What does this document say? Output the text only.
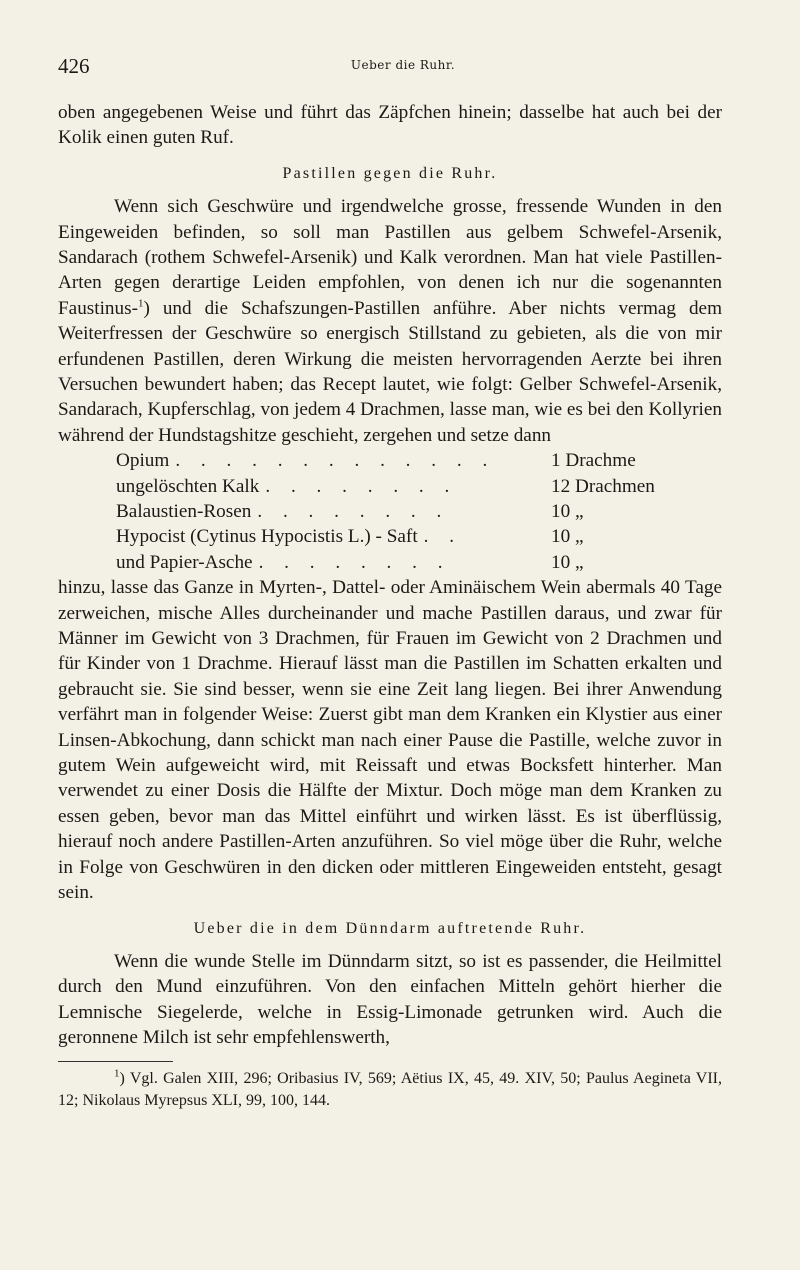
426	Ueber die Ruhr.

oben angegebenen Weise und führt das Zäpfchen hinein; dasselbe hat auch bei der Kolik einen guten Ruf.

Pastillen gegen die Ruhr.

Wenn sich Geschwüre und irgendwelche grosse, fressende Wunden in den Eingeweiden befinden, so soll man Pastillen aus gelbem Schwefel-Arsenik, Sandarach (rothem Schwefel-Arsenik) und Kalk verordnen. Man hat viele Pastillen-Arten gegen derartige Leiden empfohlen, von denen ich nur die sogenannten Faustinus-$^1$) und die Schafszungen-Pastillen anführe. Aber nichts vermag dem Weiterfressen der Geschwüre so energisch Stillstand zu gebieten, als die von mir erfundenen Pastillen, deren Wirkung die meisten hervorragenden Aerzte bei ihren Versuchen bewundert haben; das Recept lautet, wie folgt: Gelber Schwefel-Arsenik, Sandarach, Kupferschlag, von jedem 4 Drachmen, lasse man, wie es bei den Kollyrien während der Hundstagshitze geschieht, zergehen und setze dann

Opium . . . . . . . . . . . . .	1 Drachme
ungelöschten Kalk . . . . . . . .	12 Drachmen
Balaustien-Rosen . . . . . . . .	10 „
Hypocist (Cytinus Hypocistis L.) - Saft . .	10 „
und Papier-Asche . . . . . . . .	10 „

hinzu, lasse das Ganze in Myrten-, Dattel- oder Aminäischem Wein abermals 40 Tage zerweichen, mische Alles durcheinander und mache Pastillen daraus, und zwar für Männer im Gewicht von 3 Drachmen, für Frauen im Gewicht von 2 Drachmen und für Kinder von 1 Drachme. Hierauf lässt man die Pastillen im Schatten erkalten und gebraucht sie. Sie sind besser, wenn sie eine Zeit lang liegen. Bei ihrer Anwendung verfährt man in folgender Weise: Zuerst gibt man dem Kranken ein Klystier aus einer Linsen-Abkochung, dann schickt man nach einer Pause die Pastille, welche zuvor in gutem Wein aufgeweicht wird, mit Reissaft und etwas Bocksfett hinterher. Man verwendet zu einer Dosis die Hälfte der Mixtur. Doch möge man dem Kranken zu essen geben, bevor man das Mittel einführt und wirken lässt. Es ist überflüssig, hierauf noch andere Pastillen-Arten anzuführen. So viel möge über die Ruhr, welche in Folge von Geschwüren in den dicken oder mittleren Eingeweiden entsteht, gesagt sein.

Ueber die in dem Dünndarm auftretende Ruhr.

Wenn die wunde Stelle im Dünndarm sitzt, so ist es passender, die Heilmittel durch den Mund einzuführen. Von den einfachen Mitteln gehört hierher die Lemnische Siegelerde, welche in Essig-Limonade getrunken wird. Auch die geronnene Milch ist sehr empfehlenswerth,

$^1$) Vgl. Galen XIII, 296; Oribasius IV, 569; Aëtius IX, 45, 49. XIV, 50; Paulus Aegineta VII, 12; Nikolaus Myrepsus XLI, 99, 100, 144.
